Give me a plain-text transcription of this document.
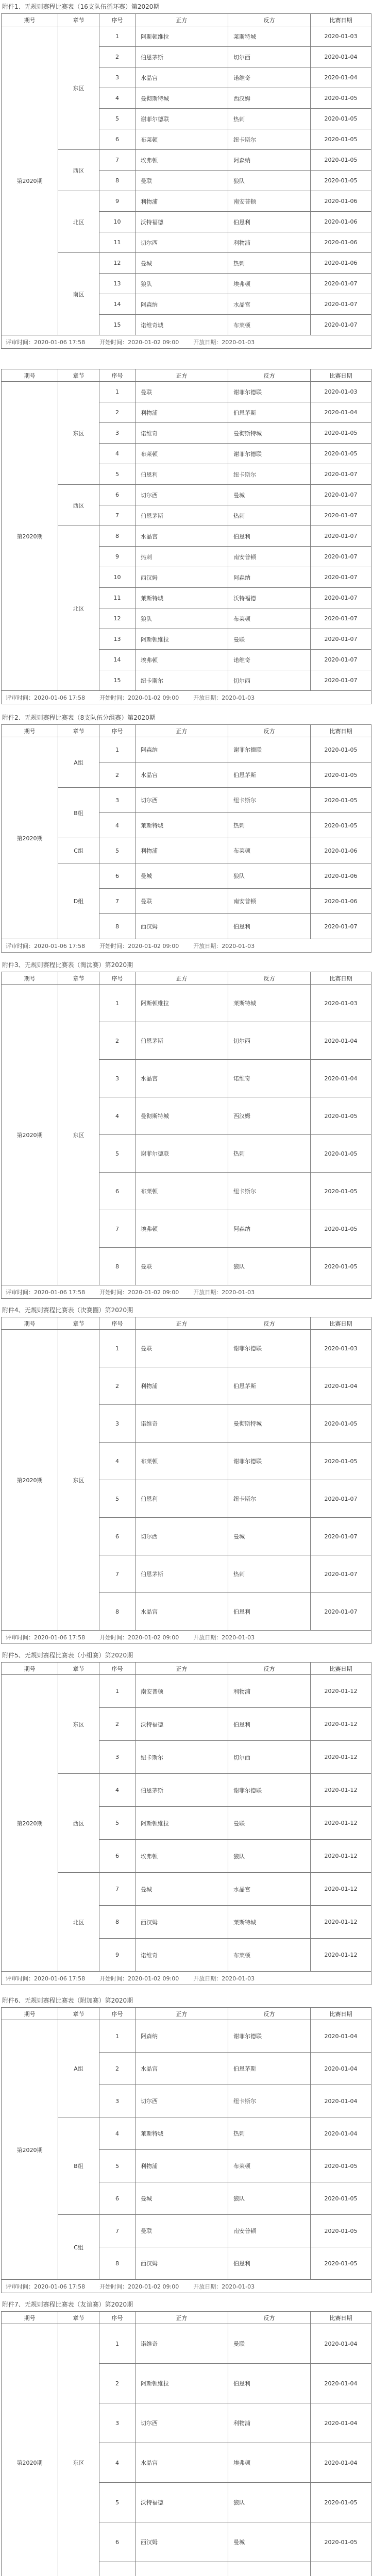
附件1、无规则赛程比赛表（16支队伍循环赛）第2020期
期号	章节	序号	正方	反方	比赛日期
第2020期	东区	1	阿斯顿维拉	莱斯特城	2020-01-03
		2	伯恩茅斯	切尔西	2020-01-04
		3	水晶宫	诺维奇	2020-01-04
		4	曼彻斯特城	西汉姆	2020-01-05
		5	谢菲尔德联	热刺	2020-01-05
		6	布莱顿	纽卡斯尔	2020-01-05
	西区	7	埃弗顿	阿森纳	2020-01-05
		8	曼联	狼队	2020-01-05
	北区	9	利物浦	南安普顿	2020-01-06
		10	沃特福德	伯恩利	2020-01-06
		11	切尔西	利物浦	2020-01-06
	南区	12	曼城	热刺	2020-01-06
		13	狼队	埃弗顿	2020-01-07
		14	阿森纳	水晶宫	2020-01-07
		15	诺维奇城	布莱顿	2020-01-07
评审时间：2020-01-06 17:58 开始时间：2020-01-02 09:00 开放日期：2020-01-03					
期号	章节	序号	正方	反方	比赛日期
第2020期	东区	1	曼联	谢菲尔德联	2020-01-03
		2	利物浦	伯恩茅斯	2020-01-04
		3	诺维奇	曼彻斯特城	2020-01-05
		4	布莱顿	谢菲尔德联	2020-01-05
		5	伯恩利	纽卡斯尔	2020-01-07
	西区	6	切尔西	曼城	2020-01-07
		7	伯恩茅斯	热刺	2020-01-07
	北区	8	水晶宫	伯恩利	2020-01-07
		9	热刺	南安普顿	2020-01-07
		10	西汉姆	阿森纳	2020-01-07
		11	莱斯特城	沃特福德	2020-01-07
		12	狼队	布莱顿	2020-01-07
		13	阿斯顿维拉	曼联	2020-01-07
		14	埃弗顿	诺维奇	2020-01-07
		15	纽卡斯尔	切尔西	2020-01-07
评审时间：2020-01-06 17:58 开始时间：2020-01-02 09:00 开放日期：2020-01-03					
附件2、无规则赛程比赛表（8支队伍分组赛）第2020期
期号	章节	序号	正方	反方	比赛日期
第2020期	A组	1	阿森纳	谢菲尔德联	2020-01-05
		2	水晶宫	伯恩茅斯	2020-01-05
	B组	3	切尔西	纽卡斯尔	2020-01-05
		4	莱斯特城	热刺	2020-01-05
	C组	5	利物浦	布莱顿	2020-01-06
	D组	6	曼城	狼队	2020-01-06
		7	曼联	南安普顿	2020-01-06
		8	西汉姆	伯恩利	2020-01-07
评审时间：2020-01-06 17:58 开始时间：2020-01-02 09:00 开放日期：2020-01-03					
附件3、无规则赛程比赛表（淘汰赛）第2020期
期号	章节	序号	正方	反方	比赛日期
第2020期	东区	1	阿斯顿维拉	莱斯特城	2020-01-03
		2	伯恩茅斯	切尔西	2020-01-04
		3	水晶宫	诺维奇	2020-01-04
		4	曼彻斯特城	西汉姆	2020-01-05
		5	谢菲尔德联	热刺	2020-01-05
		6	布莱顿	纽卡斯尔	2020-01-05
		7	埃弗顿	阿森纳	2020-01-05
		8	曼联	狼队	2020-01-05
评审时间：2020-01-06 17:58 开始时间：2020-01-02 09:00 开放日期：2020-01-03					
附件4、无规则赛程比赛表（决赛圈）第2020期
期号	章节	序号	正方	反方	比赛日期
第2020期	东区	1	曼联	谢菲尔德联	2020-01-03
		2	利物浦	伯恩茅斯	2020-01-04
		3	诺维奇	曼彻斯特城	2020-01-05
		4	布莱顿	谢菲尔德联	2020-01-05
		5	伯恩利	纽卡斯尔	2020-01-07
		6	切尔西	曼城	2020-01-07
		7	伯恩茅斯	热刺	2020-01-07
		8	水晶宫	伯恩利	2020-01-07
评审时间：2020-01-06 17:58 开始时间：2020-01-02 09:00 开放日期：2020-01-03					
附件5、无规则赛程比赛表（小组赛）第2020期
期号	章节	序号	正方	反方	比赛日期
第2020期	东区	1	南安普顿	利物浦	2020-01-12
		2	沃特福德	伯恩利	2020-01-12
		3	纽卡斯尔	切尔西	2020-01-12
	西区	4	伯恩茅斯	谢菲尔德联	2020-01-12
		5	阿斯顿维拉	曼联	2020-01-12
		6	埃弗顿	狼队	2020-01-12
	北区	7	曼城	水晶宫	2020-01-12
		8	西汉姆	莱斯特城	2020-01-12
		9	诺维奇	布莱顿	2020-01-12
评审时间：2020-01-06 17:58 开始时间：2020-01-02 09:00 开放日期：2020-01-03					
附件6、无规则赛程比赛表（附加赛）第2020期
期号	章节	序号	正方	反方	比赛日期
第2020期	A组	1	阿森纳	谢菲尔德联	2020-01-04
		2	水晶宫	伯恩茅斯	2020-01-04
		3	切尔西	纽卡斯尔	2020-01-04
	B组	4	莱斯特城	热刺	2020-01-04
		5	利物浦	布莱顿	2020-01-05
		6	曼城	狼队	2020-01-05
	C组	7	曼联	南安普顿	2020-01-05
		8	西汉姆	伯恩利	2020-01-05
评审时间：2020-01-06 17:58 开始时间：2020-01-02 09:00 开放日期：2020-01-03					
附件7、无规则赛程比赛表（友谊赛）第2020期
期号	章节	序号	正方	反方	比赛日期
第2020期	东区	1	诺维奇	曼联	2020-01-04
		2	阿斯顿维拉	伯恩利	2020-01-04
		3	切尔西	利物浦	2020-01-04
		4	水晶宫	埃弗顿	2020-01-04
		5	沃特福德	狼队	2020-01-05
		6	西汉姆	曼城	2020-01-05
